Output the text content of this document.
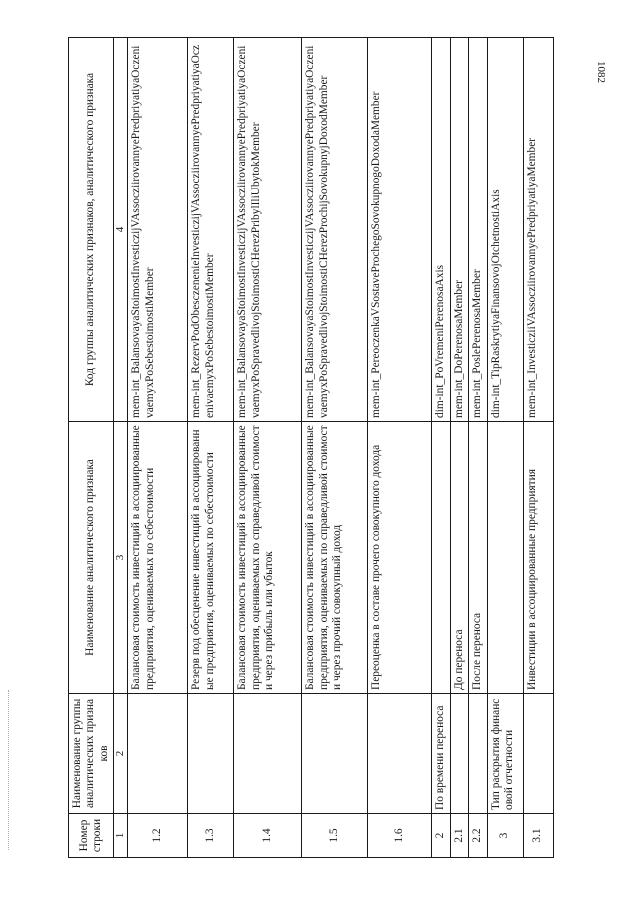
1082
Номер строки	Наименование группы аналитических признаков	Наименование аналитического признака	Код группы аналитических признаков, аналитического признака
1	2	3	4
1.2		Балансовая стоимость инвестиций в ассоциированные предприятия, оцениваемых по себестоимости	mem-int_BalansovayaStoimostInvesticzijVAssocziirovannyePredpriyatiyaOczenivaemyxPoSebestoimostiMember
1.3		Резерв под обесценение инвестиций в ассоциированные предприятия, оцениваемых по себестоимости	mem-int_RezervPodObesczenenieInvesticzijVAssocziirovannyePredpriyatiyaOczenivaemyxPoSebestoimostiMember
1.4		Балансовая стоимость инвестиций в ассоциированные предприятия, оцениваемых по справедливой стоимости через прибыль или убыток	mem-int_BalansovayaStoimostInvesticzijVAssocziirovannyePredpriyatiyaOczenivaemyxPoSpravedlivojStoimostiCHerezPribylIliUbytokMember
1.5		Балансовая стоимость инвестиций в ассоциированные предприятия, оцениваемых по справедливой стоимости через прочий совокупный доход	mem-int_BalansovayaStoimostInvesticzijVAssocziirovannyePredpriyatiyaOczenivaemyxPoSpravedlivojStoimostiCHerezProchijSovokupnyjDoxodMember
1.6		Переоценка в составе прочего совокупного дохода	mem-int_PereoczenkaVSostaveProchegoSovokupnogoDoxodaMember
2	По времени переноса		dim-int_PoVremeniPerenosaAxis
2.1		До переноса	mem-int_DoPerenosaMember
2.2		После переноса	mem-int_PoslePerenosaMember
3	Тип раскрытия финансовой отчетности		dim-int_TipRaskrytiyaFinansovojOtchetnostiAxis
3.1		Инвестиции в ассоциированные предприятия	mem-int_InvesticziiVAssocziirovannyePredpriyatiyaMember
